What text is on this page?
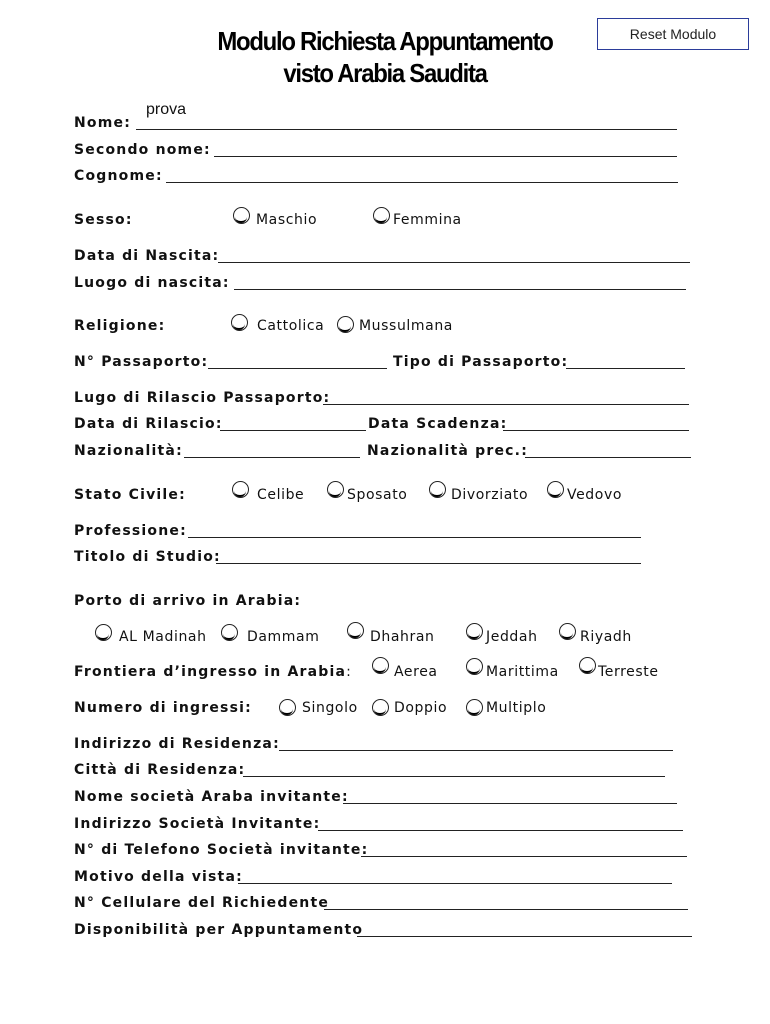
Reset Modulo
Modulo Richiesta Appuntamento
visto Arabia Saudita
Nome:
prova
Secondo nome:
Cognome:
Sesso:	Maschio	Femmina
Data di Nascita:
Luogo di nascita:
Religione:	Cattolica Mussulmana
N° Passaporto:	Tipo di Passaporto:
Lugo di Rilascio Passaporto:
Data di Rilascio:	Data Scadenza:
Nazionalità:	Nazionalità prec.:
Stato Civile:	Celibe	Sposato	Divorziato	Vedovo
Professione:
Titolo di Studio:
Porto di arrivo in Arabia:
AL Madinah	Dammam	Dhahran	Jeddah	Riyadh
Frontiera d’ingresso in Arabia:	Aerea	Marittima	Terreste
Numero di ingressi:	Singolo	Doppio	Multiplo
Indirizzo di Residenza:
Città di Residenza:
Nome società Araba invitante:
Indirizzo Società Invitante:
N° di Telefono Società invitante:
Motivo della vista:
N° Cellulare del Richiedente
Disponibilità per Appuntamento
